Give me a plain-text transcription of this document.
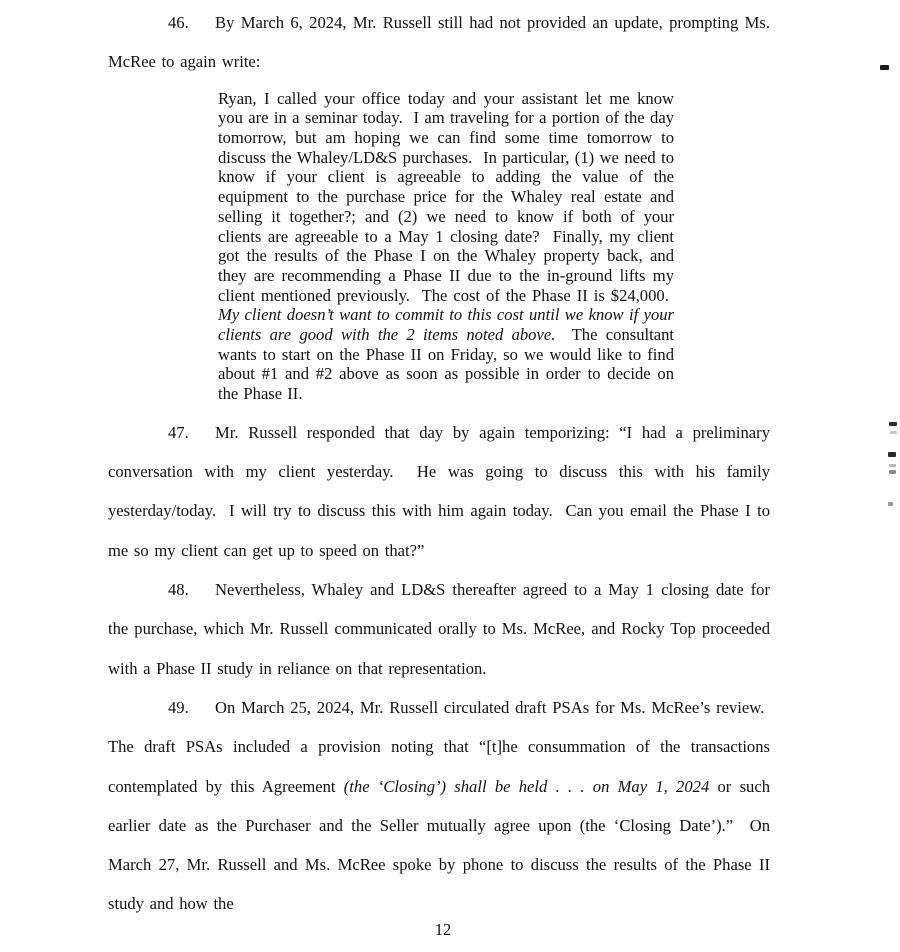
46. By March 6, 2024, Mr. Russell still had not provided an update, prompting Ms. McRee to again write:

Ryan, I called your office today and your assistant let me know you are in a seminar today.  I am traveling for a portion of the day tomorrow, but am hoping we can find some time tomorrow to discuss the Whaley/LD&S purchases.  In particular, (1) we need to know if your client is agreeable to adding the value of the equipment to the purchase price for the Whaley real estate and selling it together?; and (2) we need to know if both of your clients are agreeable to a May 1 closing date?  Finally, my client got the results of the Phase I on the Whaley property back, and they are recommending a Phase II due to the in-ground lifts my client mentioned previously.  The cost of the Phase II is $24,000.  My client doesn’t want to commit to this cost until we know if your clients are good with the 2 items noted above.  The consultant wants to start on the Phase II on Friday, so we would like to find about #1 and #2 above as soon as possible in order to decide on the Phase II.

47. Mr. Russell responded that day by again temporizing: “I had a preliminary conversation with my client yesterday.  He was going to discuss this with his family yesterday/today.  I will try to discuss this with him again today.  Can you email the Phase I to me so my client can get up to speed on that?”

48. Nevertheless, Whaley and LD&S thereafter agreed to a May 1 closing date for the purchase, which Mr. Russell communicated orally to Ms. McRee, and Rocky Top proceeded with a Phase II study in reliance on that representation.

49. On March 25, 2024, Mr. Russell circulated draft PSAs for Ms. McRee’s review.  The draft PSAs included a provision noting that “[t]he consummation of the transactions contemplated by this Agreement (the ‘Closing’) shall be held . . . on May 1, 2024 or such earlier date as the Purchaser and the Seller mutually agree upon (the ‘Closing Date’).”  On March 27, Mr. Russell and Ms. McRee spoke by phone to discuss the results of the Phase II study and how the

12
